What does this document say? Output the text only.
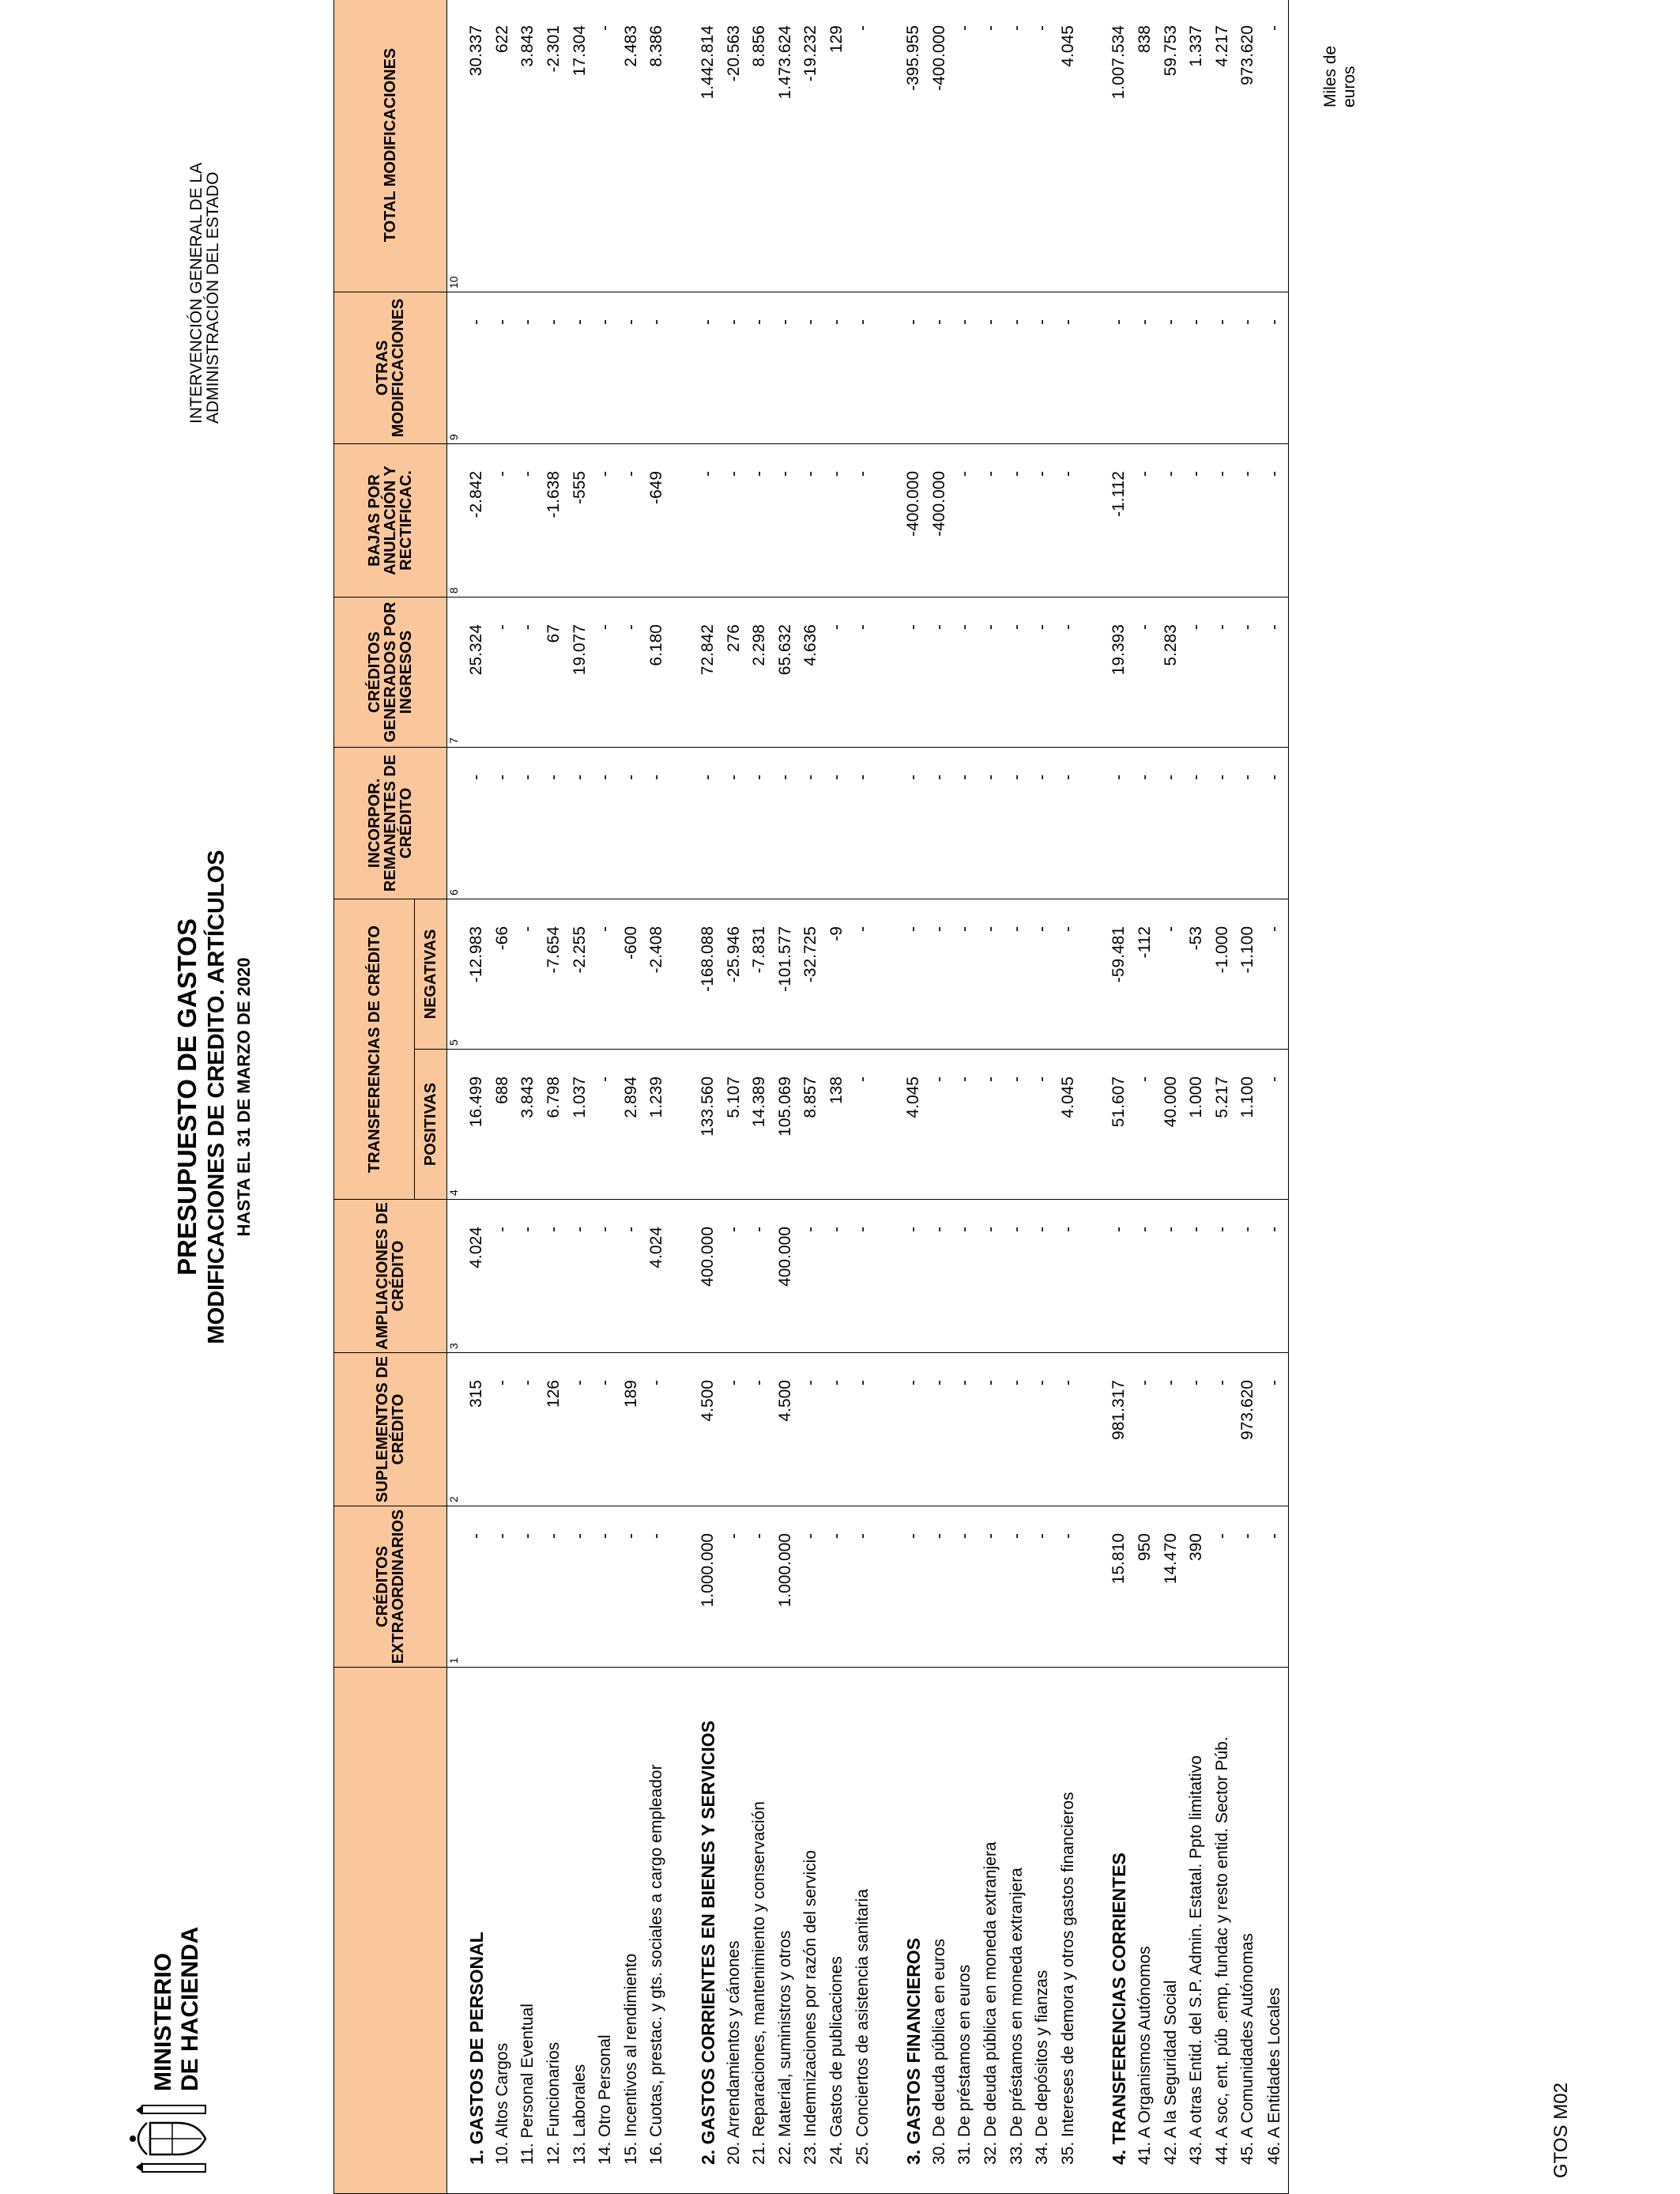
MINISTERIO DE HACIENDA
PRESUPUESTO DE GASTOS MODIFICACIONES DE CREDITO. ARTÍCULOS HASTA EL 31 DE MARZO DE 2020
INTERVENCIÓN GENERAL DE LA
ADMINISTRACIÓN DEL ESTADO
Miles de euros
	CRÉDITOS EXTRAORDINARIOS	SUPLEMENTOS DE CRÉDITO	AMPLIACIONES DE CRÉDITO	TRANSFERENCIAS DE CRÉDITO		INCORPOR. REMANENTES DE CRÉDITO	CRÉDITOS GENERADOS POR INGRESOS	BAJAS POR ANULACIÓN Y RECTIFICAC.	OTRAS MODIFICACIONES	TOTAL MODIFICACIONES
				POSITIVAS	NEGATIVAS					
	1	2	3	4	5	6	7	8	9	10
1. GASTOS DE PERSONAL	-	315	4.024	16.499	-12.983	-	25.324	-2.842	-	30.337
10. Altos Cargos	-	-	-	688	-66	-	-	-	-	622
11. Personal Eventual	-	-	-	3.843	-	-	-	-	-	3.843
12. Funcionarios	-	126	-	6.798	-7.654	-	67	-1.638	-	-2.301
13. Laborales	-	-	-	1.037	-2.255	-	19.077	-555	-	17.304
14. Otro Personal	-	-	-	-	-	-	-	-	-	-
15. Incentivos al rendimiento	-	189	-	2.894	-600	-	-	-	-	2.483
16. Cuotas, prestac. y gts. sociales a cargo empleador	-	-	4.024	1.239	-2.408	-	6.180	-649	-	8.386

2. GASTOS CORRIENTES EN BIENES Y SERVICIOS	1.000.000	4.500	400.000	133.560	-168.088	-	72.842	-	-	1.442.814
20. Arrendamientos y cánones	-	-	-	5.107	-25.946	-	276	-	-	-20.563
21. Reparaciones, mantenimiento y conservación	-	-	-	14.389	-7.831	-	2.298	-	-	8.856
22. Material, suministros y otros	1.000.000	4.500	400.000	105.069	-101.577	-	65.632	-	-	1.473.624
23. Indemnizaciones por razón del servicio	-	-	-	8.857	-32.725	-	4.636	-	-	-19.232
24. Gastos de publicaciones	-	-	-	138	-9	-	-	-	-	129
25. Conciertos de asistencia sanitaria	-	-	-	-	-	-	-	-	-	-

3. GASTOS FINANCIEROS	-	-	-	4.045	-	-	-	-400.000	-	-395.955
30. De deuda pública en euros	-	-	-	-	-	-	-	-400.000	-	-400.000
31. De préstamos en euros	-	-	-	-	-	-	-	-	-	-
32. De deuda pública en moneda extranjera	-	-	-	-	-	-	-	-	-	-
33. De préstamos en moneda extranjera	-	-	-	-	-	-	-	-	-	-
34. De depósitos y fianzas	-	-	-	-	-	-	-	-	-	-
35. Intereses de demora y otros gastos financieros	-	-	-	4.045	-	-	-	-	-	4.045

4. TRANSFERENCIAS CORRIENTES	15.810	981.317	-	51.607	-59.481	-	19.393	-1.112	-	1.007.534
41. A Organismos Autónomos	950	-	-	-	-112	-	-	-	-	838
42. A la Seguridad Social	14.470	-	-	40.000	-	-	5.283	-	-	59.753
43. A otras Entid. del S.P. Admin. Estatal. Ppto limitativo	390	-	-	1.000	-53	-	-	-	-	1.337
44. A soc, ent. púb .emp, fundac y resto entid. Sector Púb.	-	-	-	5.217	-1.000	-	-	-	-	4.217
45. A Comunidades Autónomas	-	973.620	-	1.100	-1.100	-	-	-	-	973.620
46. A Entidades Locales	-	-	-	-	-	-	-	-	-	-
GTOS M02
